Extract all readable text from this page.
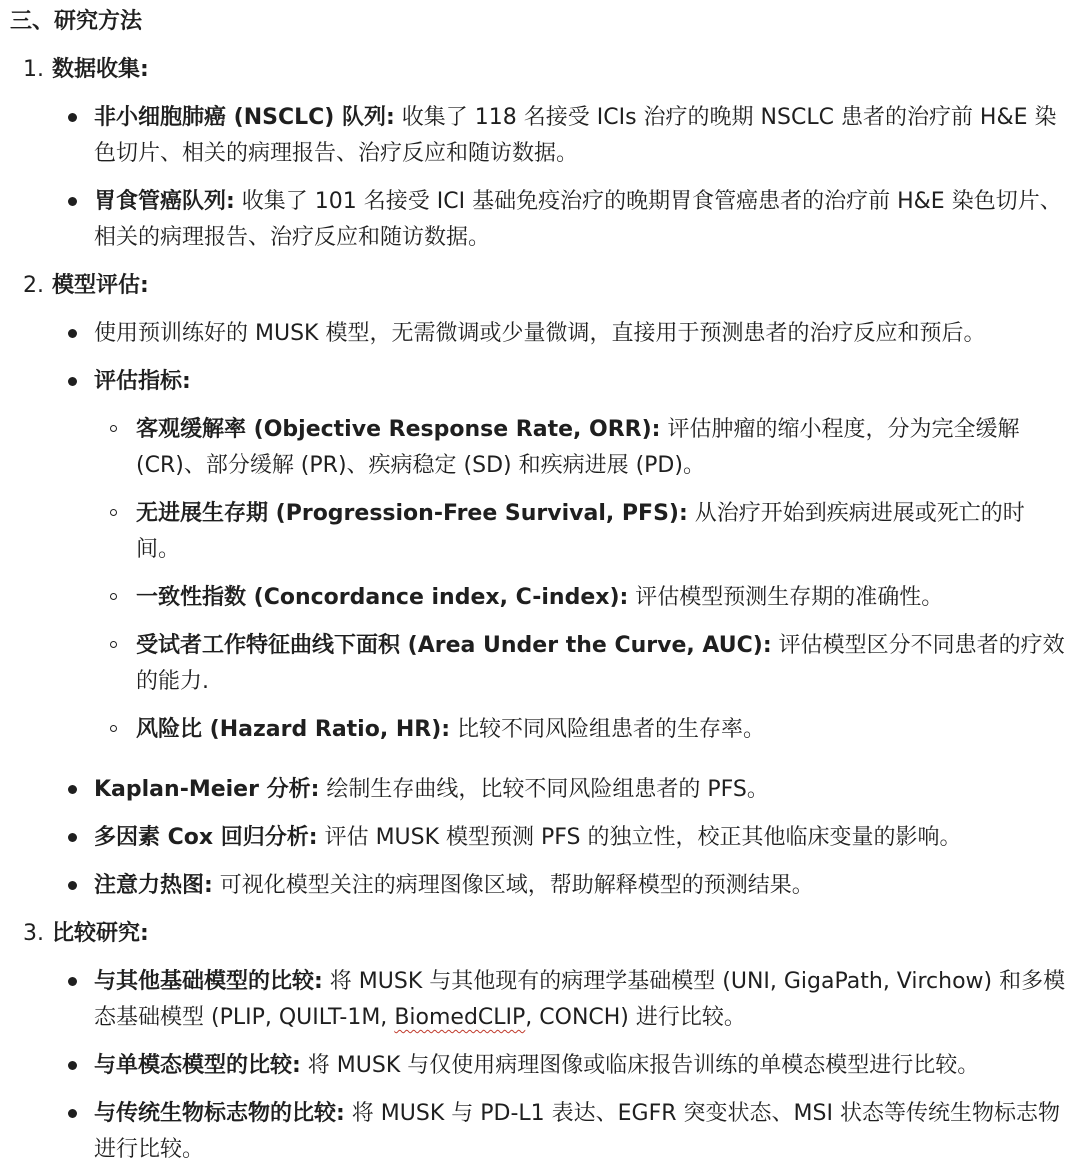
三、研究方法
1. 数据收集:
非小细胞肺癌 (NSCLC) 队列: 收集了 118 名接受 ICIs 治疗的晚期 NSCLC 患者的治疗前 H&E 染色切片、相关的病理报告、治疗反应和随访数据。
胃食管癌队列: 收集了 101 名接受 ICI 基础免疫治疗的晚期胃食管癌患者的治疗前 H&E 染色切片、相关的病理报告、治疗反应和随访数据。
2. 模型评估:
使用预训练好的 MUSK 模型，无需微调或少量微调，直接用于预测患者的治疗反应和预后。
评估指标:
客观缓解率 (Objective Response Rate, ORR): 评估肿瘤的缩小程度，分为完全缓解 (CR)、部分缓解 (PR)、疾病稳定 (SD) 和疾病进展 (PD)。
无进展生存期 (Progression-Free Survival, PFS): 从治疗开始到疾病进展或死亡的时间。
一致性指数 (Concordance index, C-index): 评估模型预测生存期的准确性。
受试者工作特征曲线下面积 (Area Under the Curve, AUC): 评估模型区分不同患者的疗效的能力.
风险比 (Hazard Ratio, HR): 比较不同风险组患者的生存率。
Kaplan-Meier 分析: 绘制生存曲线，比较不同风险组患者的 PFS。
多因素 Cox 回归分析: 评估 MUSK 模型预测 PFS 的独立性，校正其他临床变量的影响。
注意力热图: 可视化模型关注的病理图像区域，帮助解释模型的预测结果。
3. 比较研究:
与其他基础模型的比较: 将 MUSK 与其他现有的病理学基础模型 (UNI, GigaPath, Virchow) 和多模态基础模型 (PLIP, QUILT-1M, BiomedCLIP, CONCH) 进行比较。
与单模态模型的比较: 将 MUSK 与仅使用病理图像或临床报告训练的单模态模型进行比较。
与传统生物标志物的比较: 将 MUSK 与 PD-L1 表达、EGFR 突变状态、MSI 状态等传统生物标志物进行比较。
